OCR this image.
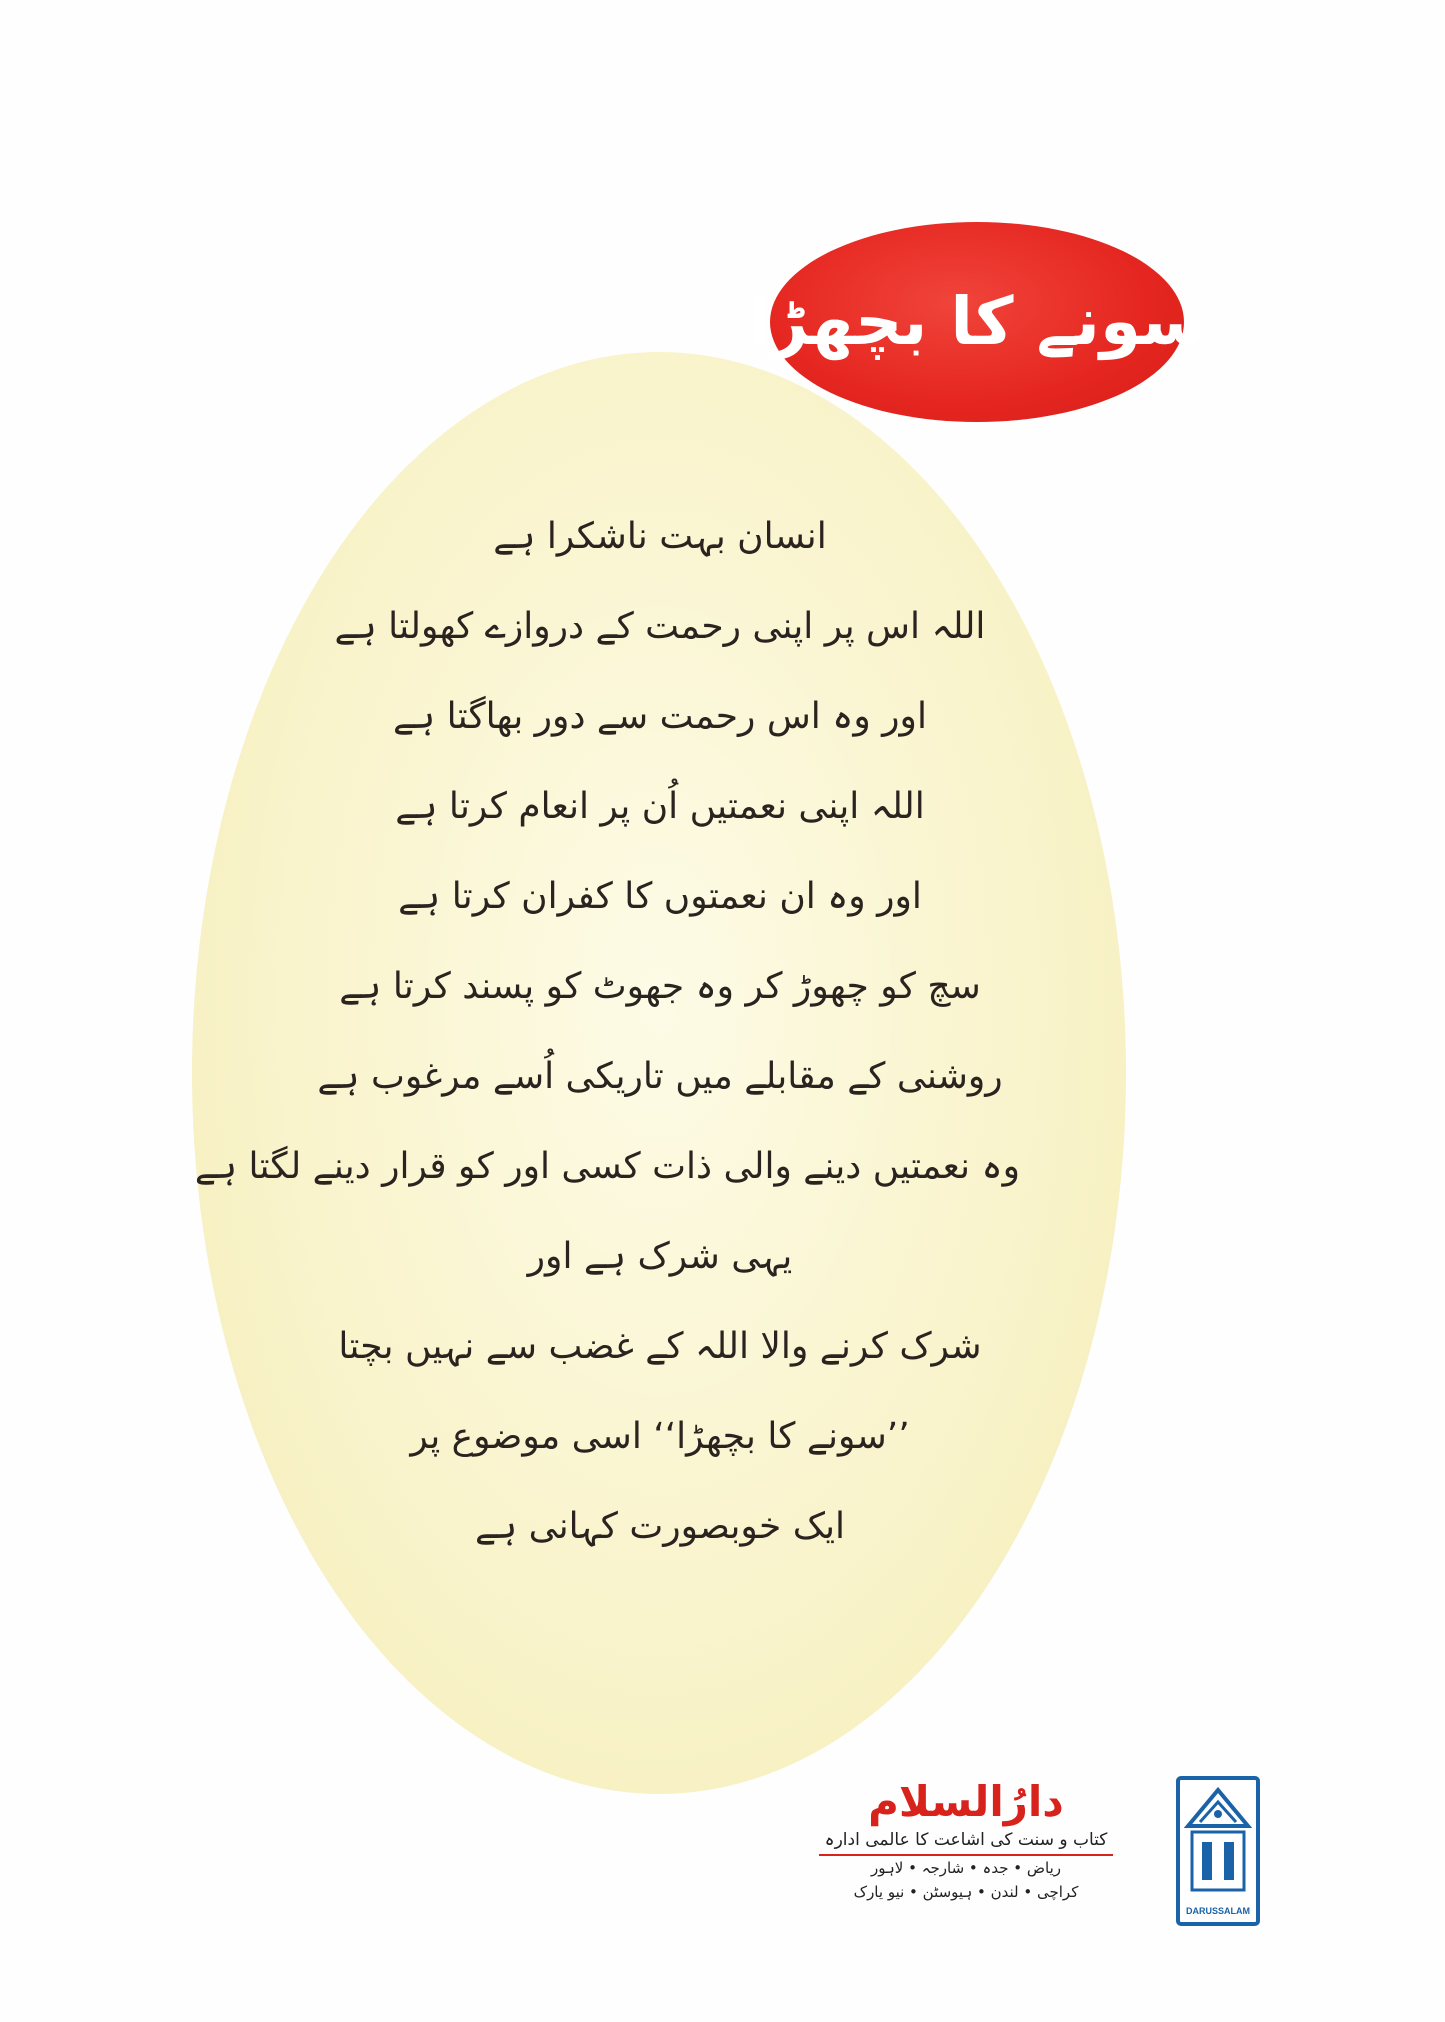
سونے کا بچھڑا
انسان بہت ناشکرا ہے
اللہ اس پر اپنی رحمت کے دروازے کھولتا ہے
اور وہ اس رحمت سے دور بھاگتا ہے
اللہ اپنی نعمتیں اُن پر انعام کرتا ہے
اور وہ ان نعمتوں کا کفران کرتا ہے
سچ کو چھوڑ کر وہ جھوٹ کو پسند کرتا ہے
روشنی کے مقابلے میں تاریکی اُسے مرغوب ہے
وہ نعمتیں دینے والی ذات کسی اور کو قرار دینے لگتا ہے
یہی شرک ہے اور
شرک کرنے والا اللہ کے غضب سے نہیں بچتا
’’سونے کا بچھڑا‘‘ اسی موضوع پر
ایک خوبصورت کہانی ہے
DARUSSALAM
دارُالسلام
کتاب و سنت کی اشاعت کا عالمی ادارہ
ریاض • جدہ • شارجہ • لاہور
کراچی • لندن • ہیوسٹن • نیو یارک
